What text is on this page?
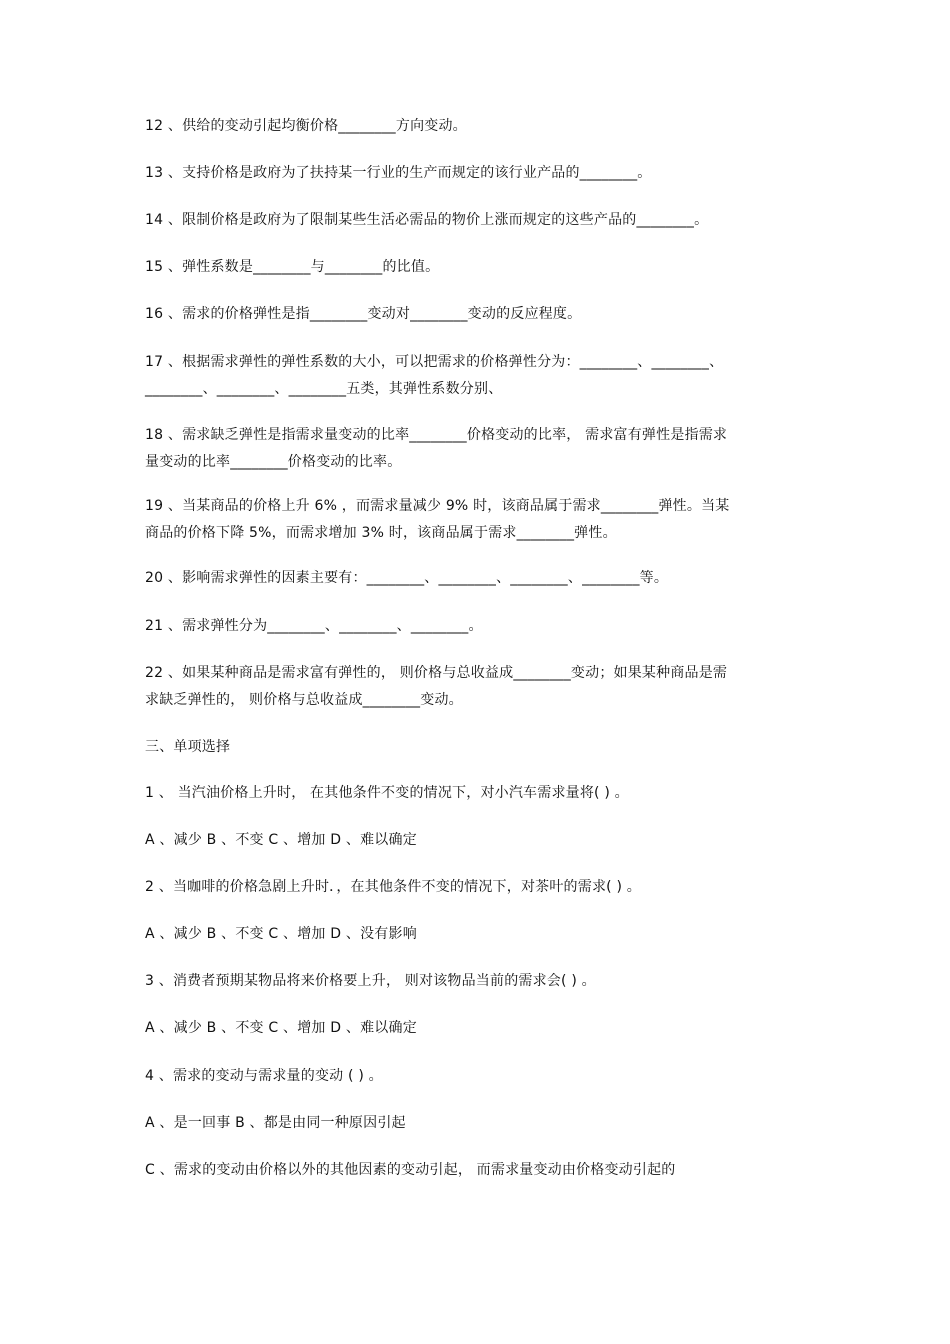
12 、供给的变动引起均衡价格________方向变动。
13 、支持价格是政府为了扶持某一行业的生产而规定的该行业产品的________。
14 、限制价格是政府为了限制某些生活必需品的物价上涨而规定的这些产品的________。
15 、弹性系数是________与________的比值。
16 、需求的价格弹性是指________变动对________变动的反应程度。
17 、根据需求弹性的弹性系数的大小，可以把需求的价格弹性分为：________、________、
________、________、________五类，其弹性系数分别、
18 、需求缺乏弹性是指需求量变动的比率________价格变动的比率， 需求富有弹性是指需求
量变动的比率________价格变动的比率。
19 、当某商品的价格上升 6% ，而需求量减少 9% 时，该商品属于需求________弹性。当某
商品的价格下降 5%，而需求增加 3% 时，该商品属于需求________弹性。
20 、影响需求弹性的因素主要有：________、________、________、________等。
21 、需求弹性分为________、________、________。
22 、如果某种商品是需求富有弹性的， 则价格与总收益成________变动；如果某种商品是需
求缺乏弹性的， 则价格与总收益成________变动。
三、单项选择
1 、 当汽油价格上升时， 在其他条件不变的情况下，对小汽车需求量将( ) 。
A 、减少 B 、不变 C 、增加 D 、难以确定
2 、当咖啡的价格急剧上升时．，在其他条件不变的情况下，对茶叶的需求( ) 。
A 、减少 B 、不变 C 、增加 D 、没有影响
3 、消费者预期某物品将来价格要上升， 则对该物品当前的需求会( ) 。
A 、减少 B 、不变 C 、增加 D 、难以确定
4 、需求的变动与需求量的变动 ( ) 。
A 、是一回事 B 、都是由同一种原因引起
C 、需求的变动由价格以外的其他因素的变动引起， 而需求量变动由价格变动引起的
